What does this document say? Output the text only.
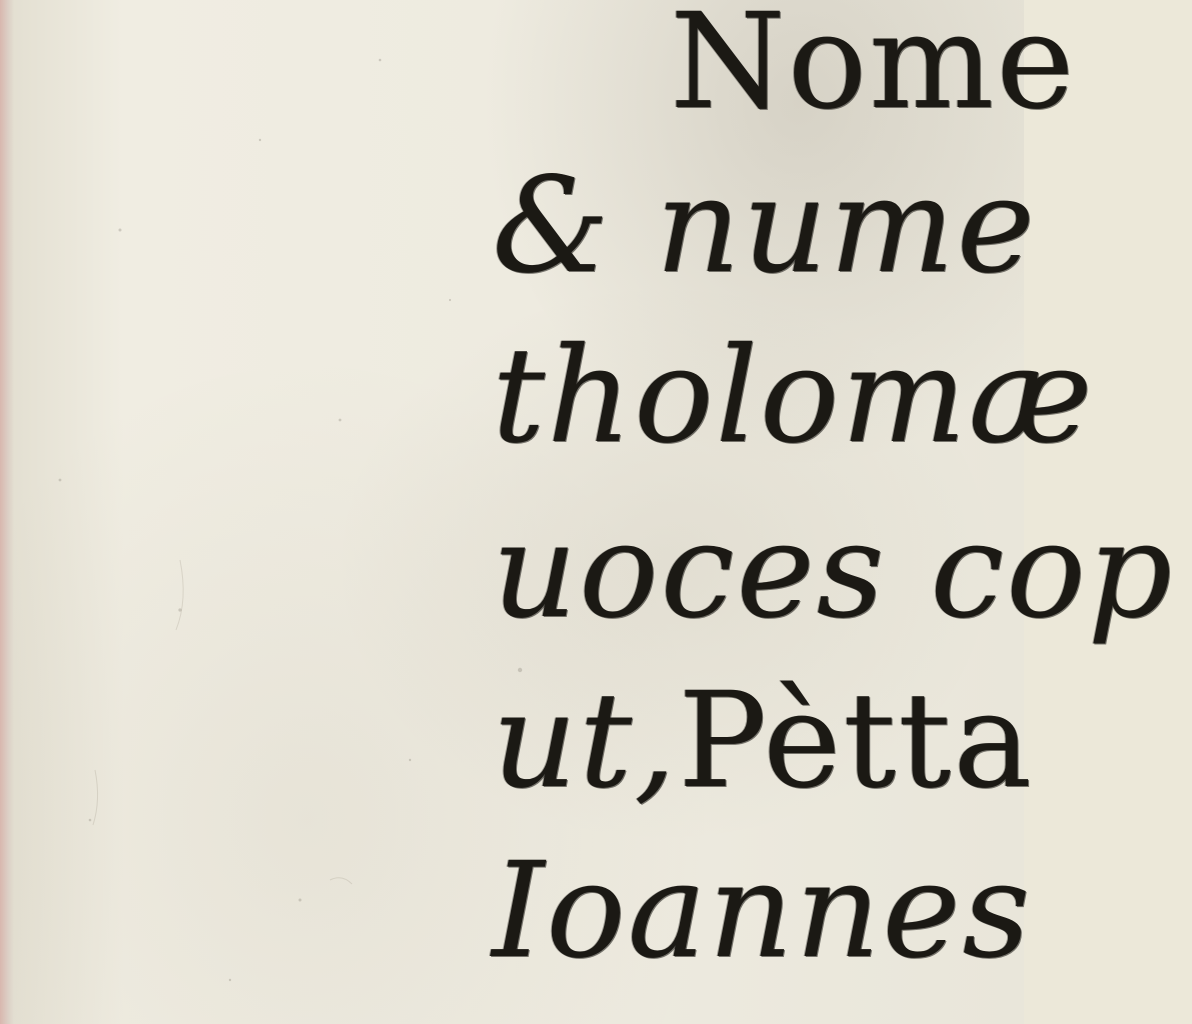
Nome
& nume
tholomæ
uoces cop
ut,Pètta
Ioannes
